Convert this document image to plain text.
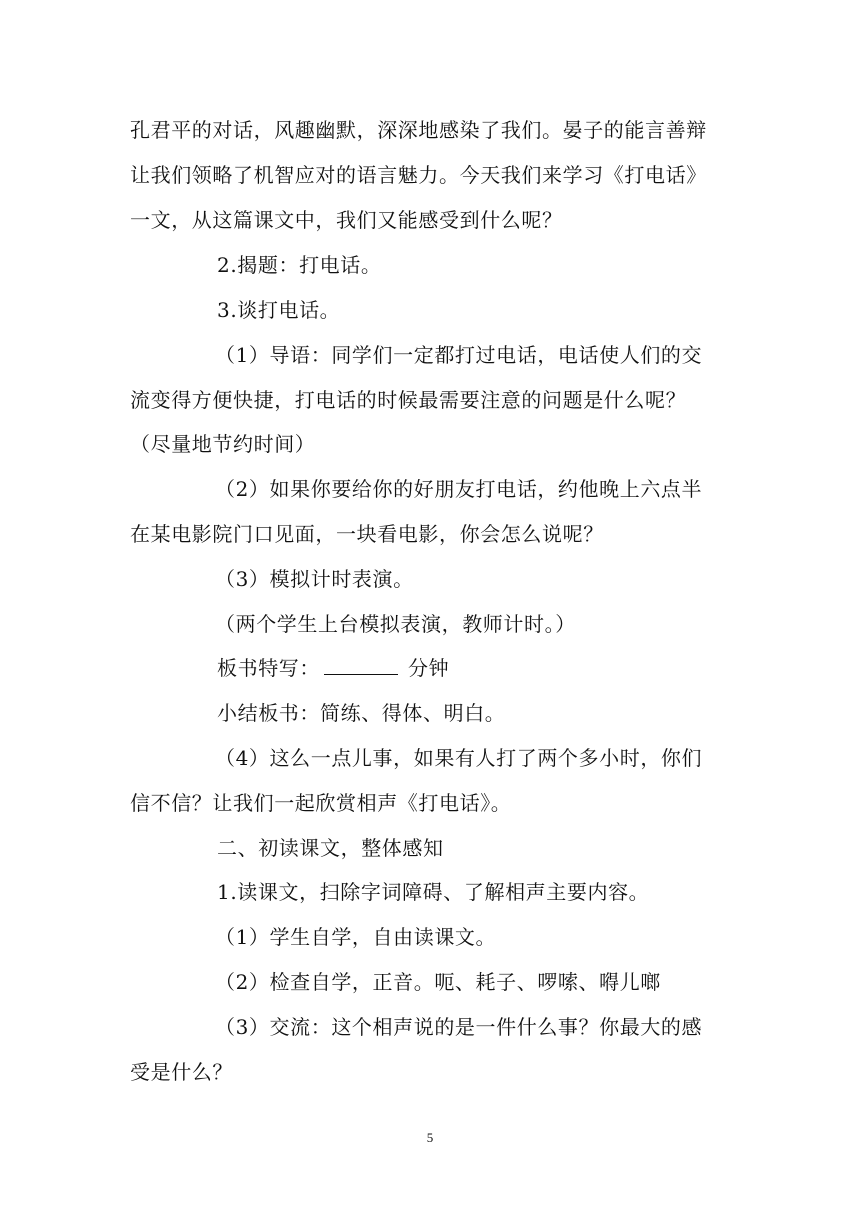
孔君平的对话，风趣幽默，深深地感染了我们。晏子的能言善辩
让我们领略了机智应对的语言魅力。今天我们来学习《打电话》
一文，从这篇课文中，我们又能感受到什么呢？
2.揭题：打电话。
3.谈打电话。
（1）导语：同学们一定都打过电话，电话使人们的交
流变得方便快捷，打电话的时候最需要注意的问题是什么呢？
（尽量地节约时间）
（2）如果你要给你的好朋友打电话，约他晚上六点半
在某电影院门口见面，一块看电影，你会怎么说呢？
（3）模拟计时表演。
（两个学生上台模拟表演，教师计时。）
板书特写：	分钟
小结板书：简练、得体、明白。
（4）这么一点儿事，如果有人打了两个多小时，你们
信不信？让我们一起欣赏相声《打电话》。
二、初读课文，整体感知
1.读课文，扫除字词障碍、了解相声主要内容。
（1）学生自学，自由读课文。
（2）检查自学，正音。呃、耗子、啰嗦、嘚儿啷
（3）交流：这个相声说的是一件什么事？你最大的感
受是什么？
5
